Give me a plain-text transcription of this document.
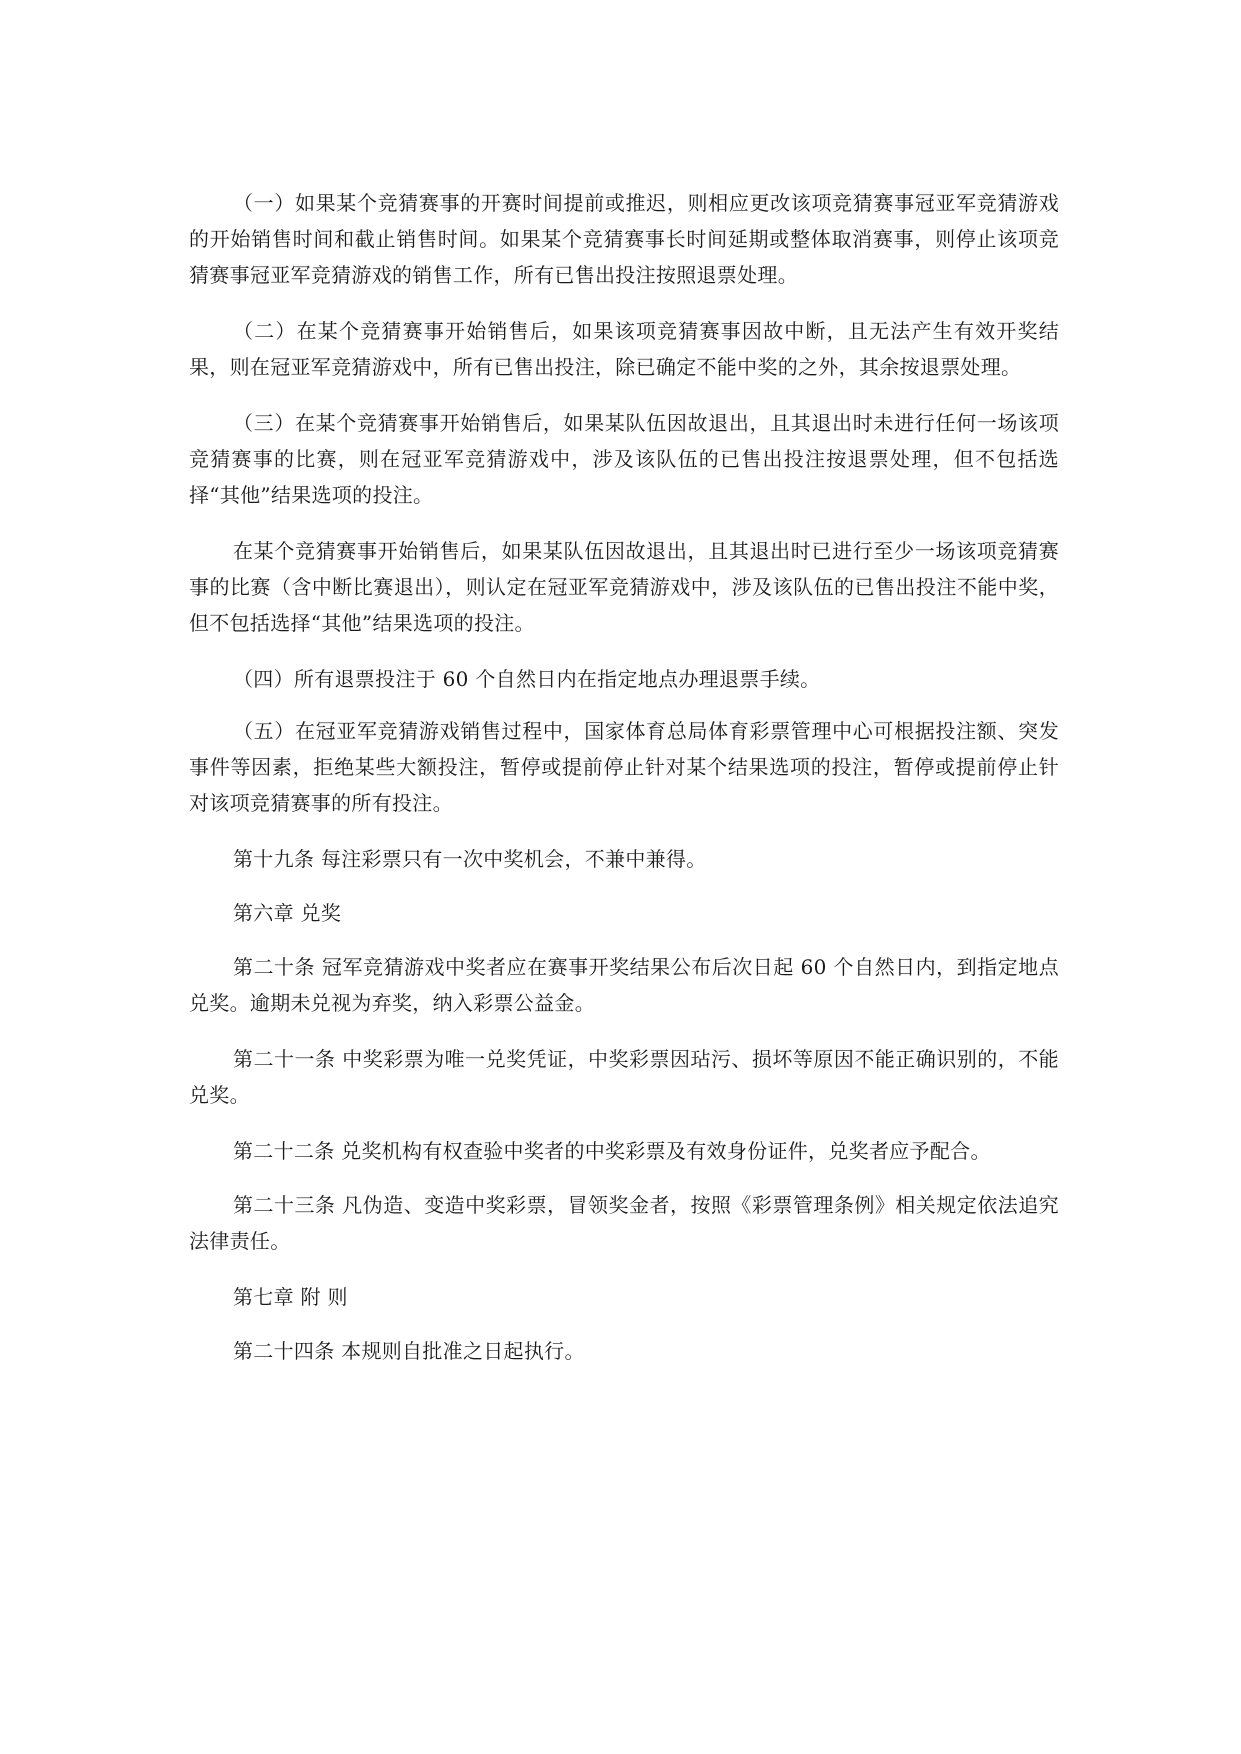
（一）如果某个竞猜赛事的开赛时间提前或推迟，则相应更改该项竞猜赛事冠亚军竞猜游戏的开始销售时间和截止销售时间。如果某个竞猜赛事长时间延期或整体取消赛事，则停止该项竞猜赛事冠亚军竞猜游戏的销售工作，所有已售出投注按照退票处理。

（二）在某个竞猜赛事开始销售后，如果该项竞猜赛事因故中断，且无法产生有效开奖结果，则在冠亚军竞猜游戏中，所有已售出投注，除已确定不能中奖的之外，其余按退票处理。

（三）在某个竞猜赛事开始销售后，如果某队伍因故退出，且其退出时未进行任何一场该项竞猜赛事的比赛，则在冠亚军竞猜游戏中，涉及该队伍的已售出投注按退票处理，但不包括选择“其他”结果选项的投注。

在某个竞猜赛事开始销售后，如果某队伍因故退出，且其退出时已进行至少一场该项竞猜赛事的比赛（含中断比赛退出），则认定在冠亚军竞猜游戏中，涉及该队伍的已售出投注不能中奖，但不包括选择“其他”结果选项的投注。

（四）所有退票投注于 60 个自然日内在指定地点办理退票手续。

（五）在冠亚军竞猜游戏销售过程中，国家体育总局体育彩票管理中心可根据投注额、突发事件等因素，拒绝某些大额投注，暂停或提前停止针对某个结果选项的投注，暂停或提前停止针对该项竞猜赛事的所有投注。

第十九条 每注彩票只有一次中奖机会，不兼中兼得。

第六章 兑奖

第二十条 冠军竞猜游戏中奖者应在赛事开奖结果公布后次日起 60 个自然日内，到指定地点兑奖。逾期未兑视为弃奖，纳入彩票公益金。

第二十一条 中奖彩票为唯一兑奖凭证，中奖彩票因玷污、损坏等原因不能正确识别的，不能兑奖。

第二十二条 兑奖机构有权查验中奖者的中奖彩票及有效身份证件，兑奖者应予配合。

第二十三条 凡伪造、变造中奖彩票，冒领奖金者，按照《彩票管理条例》相关规定依法追究法律责任。

第七章 附 则

第二十四条 本规则自批准之日起执行。
